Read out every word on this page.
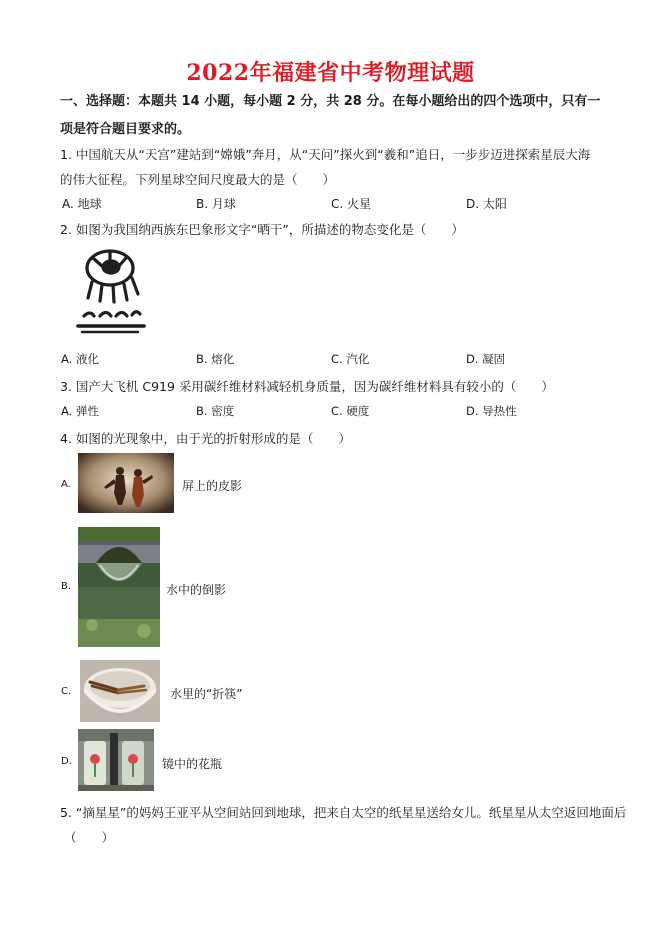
2022年福建省中考物理试题
一、选择题：本题共 14 小题，每小题 2 分，共 28 分。在每小题给出的四个选项中，只有一
项是符合题目要求的。
1. 中国航天从“天宫”建站到“嫦娥”奔月，从“天问”探火到“羲和”追日，一步步迈进探索星辰大海
的伟大征程。下列星球空间尺度最大的是（　　）
A. 地球	B. 月球	C. 火星	D. 太阳
2. 如图为我国纳西族东巴象形文字“晒干”，所描述的物态变化是（　　）
A. 液化	B. 熔化	C. 汽化	D. 凝固
3. 国产大飞机 C919 采用碳纤维材料减轻机身质量，因为碳纤维材料具有较小的（　　）
A. 弹性	B. 密度	C. 硬度	D. 导热性
4. 如图的光现象中，由于光的折射形成的是（　　）
A.	屏上的皮影
B.	水中的倒影
C.	水里的“折筷”
D.	镜中的花瓶
5. “摘星星”的妈妈王亚平从空间站回到地球，把来自太空的纸星星送给女儿。纸星星从太空返回地面后
（　　）
